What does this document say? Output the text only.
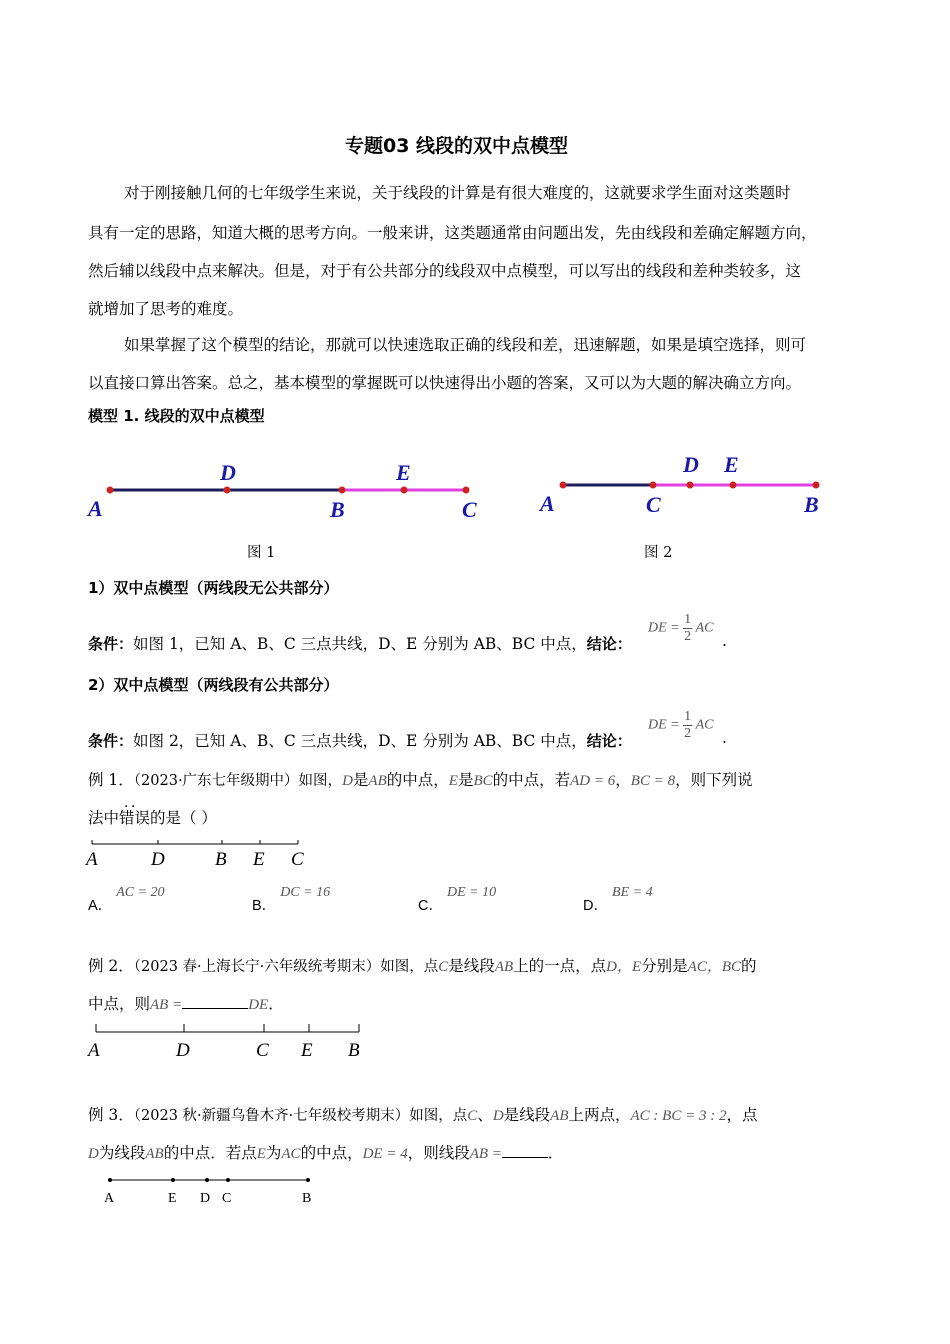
专题03 线段的双中点模型
对于刚接触几何的七年级学生来说，关于线段的计算是有很大难度的，这就要求学生面对这类题时
具有一定的思路，知道大概的思考方向。一般来讲，这类题通常由问题出发，先由线段和差确定解题方向，
然后辅以线段中点来解决。但是，对于有公共部分的线段双中点模型，可以写出的线段和差种类较多，这
就增加了思考的难度。
如果掌握了这个模型的结论，那就可以快速选取正确的线段和差，迅速解题，如果是填空选择，则可
以直接口算出答案。总之，基本模型的掌握既可以快速得出小题的答案，又可以为大题的解决确立方向。
模型 1. 线段的双中点模型
A
D
B
E
C
图 1
A	C
D E
B
图 2
1）双中点模型（两线段无公共部分）
条件：如图 1，已知 A、B、C 三点共线，D、E 分别为 AB、BC 中点，结论：
DE = $\frac{1}{2}$ AC
.
2）双中点模型（两线段有公共部分）
条件：如图 2，已知 A、B、C 三点共线，D、E 分别为 AB、BC 中点，结论：
DE = $\frac{1}{2}$ AC
.
例 1．（2023·广东七年级期中）如图，D是AB的中点，E是BC的中点，若AD = 6，BC = 8，则下列说
．．
法中错误的是（ ）
A	D	B E C
A． AC = 20
B． DC = 16
C． DE = 10
D． BE = 4
例 2．（2023 春·上海长宁·六年级统考期末）如图，点C是线段AB上的一点，点D，E分别是AC，BC的
中点，则AB =	DE．
A	D	C E B
例 3．（2023 秋·新疆乌鲁木齐·七年级校考期末）如图，点C、D是线段AB上两点，AC : BC = 3 : 2，点
D为线段AB的中点．若点E为AC的中点，DE = 4，则线段AB =	．
A	E D C	B
